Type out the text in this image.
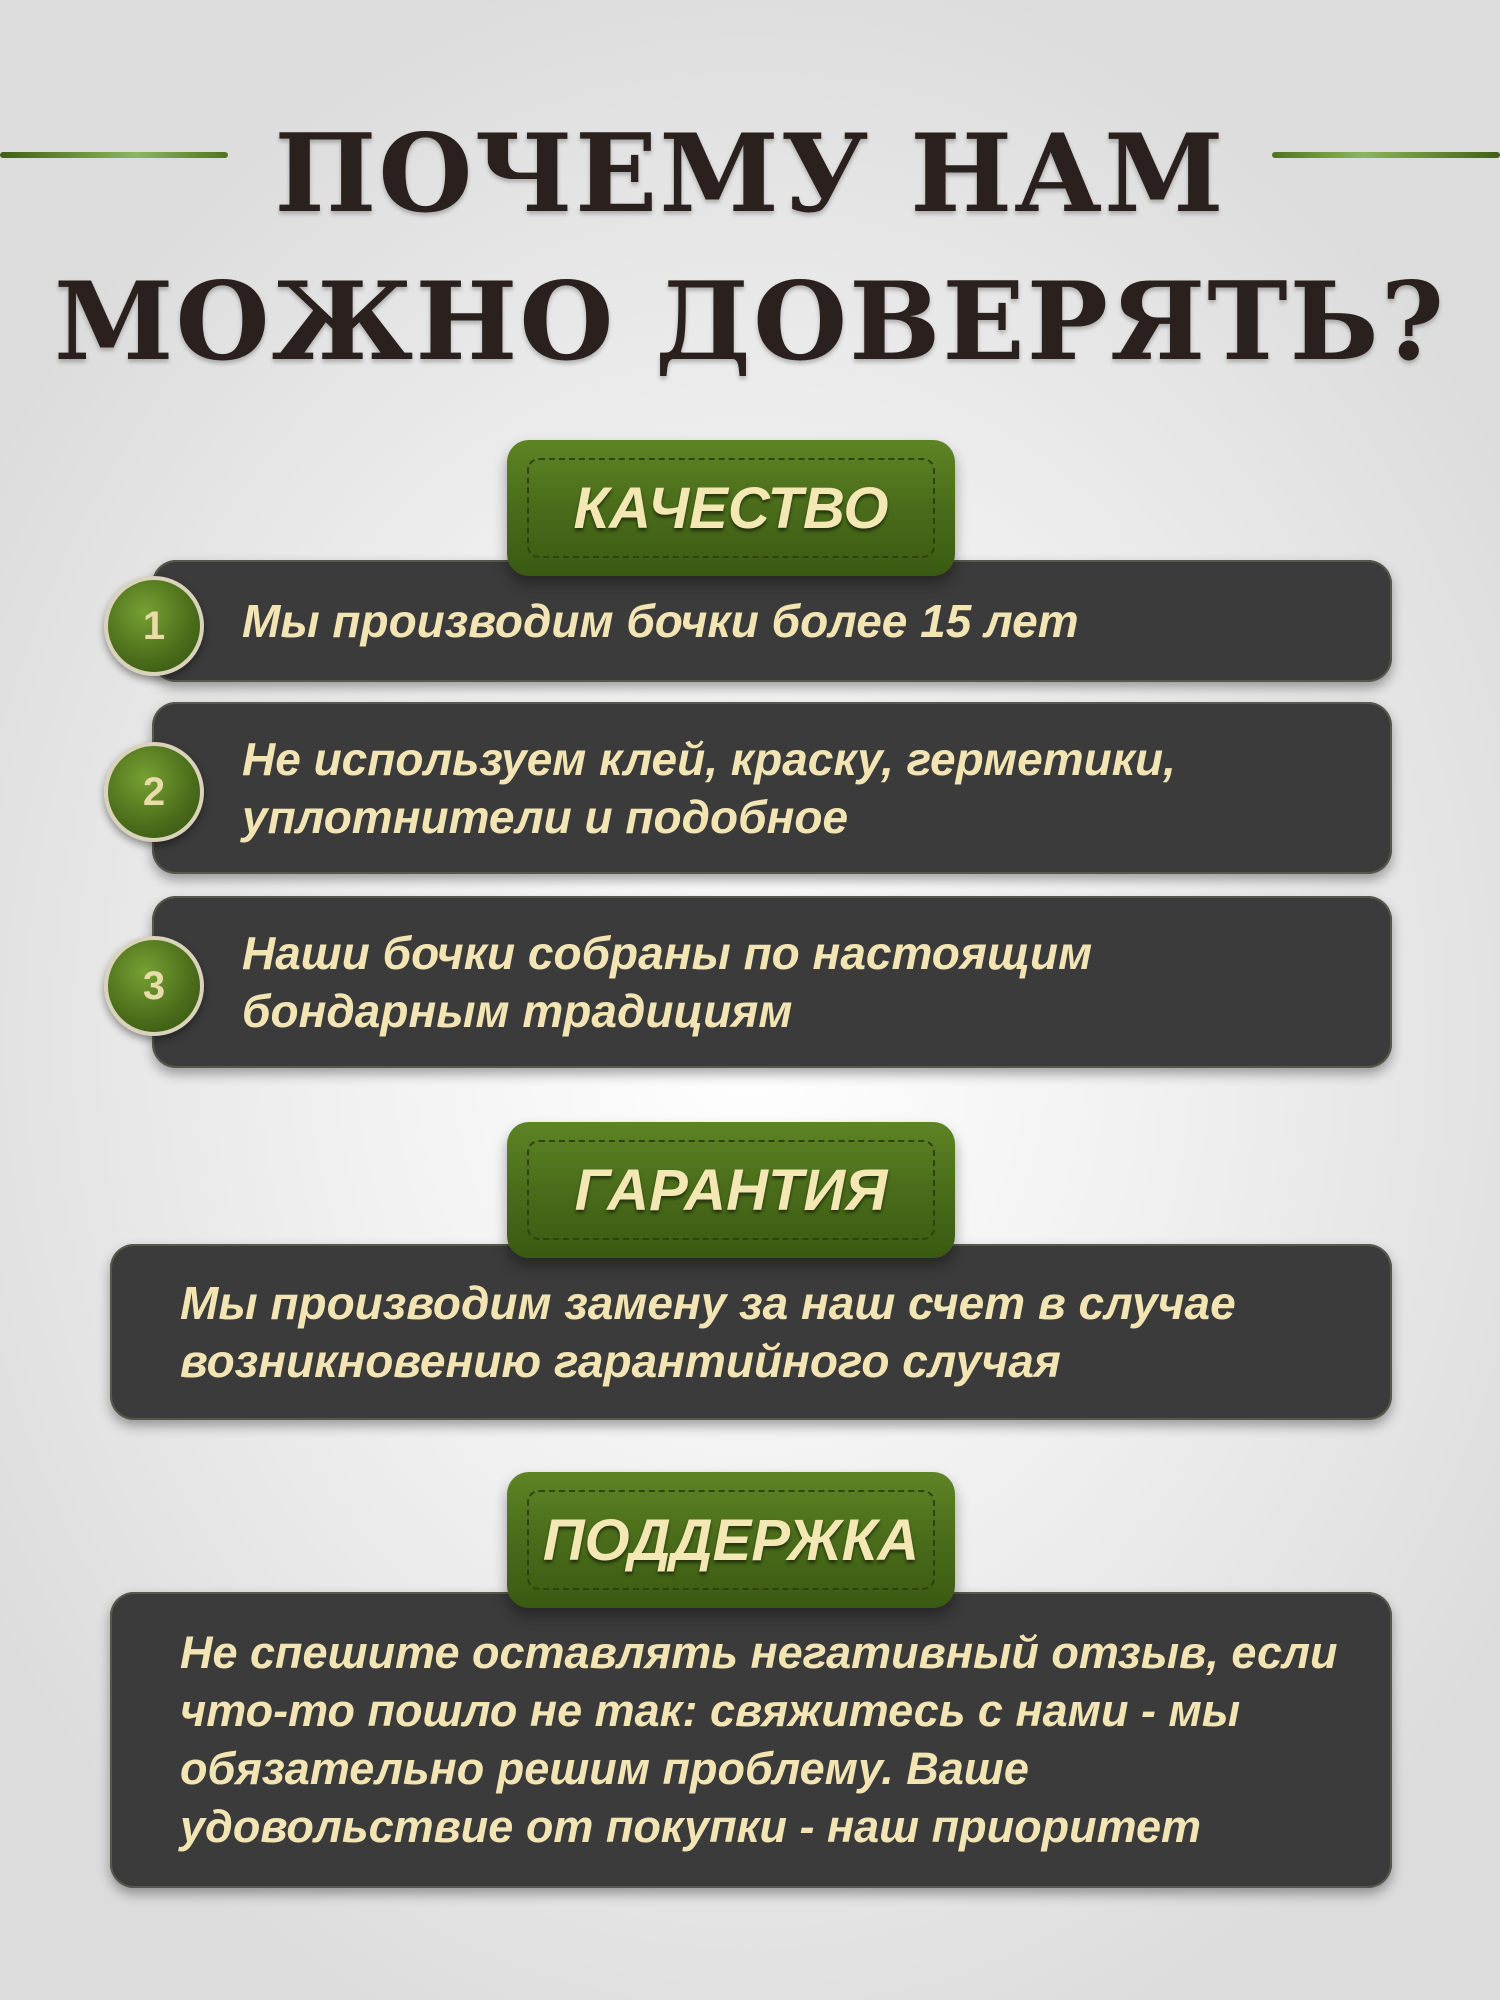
ПОЧЕМУ НАМ
МОЖНО ДОВЕРЯТЬ?
КАЧЕСТВО
1	Мы производим бочки более 15 лет
2
Не используем клей, краску, герметики, уплотнители и подобное
3
Наши бочки собраны по настоящим бондарным традициям
ГАРАНТИЯ
Мы производим замену за наш счет в случае возникновению гарантийного случая
ПОДДЕРЖКА
Не спешите оставлять негативный отзыв, если что-то пошло не так: свяжитесь с нами - мы обязательно решим проблему. Ваше удовольствие от покупки - наш приоритет
